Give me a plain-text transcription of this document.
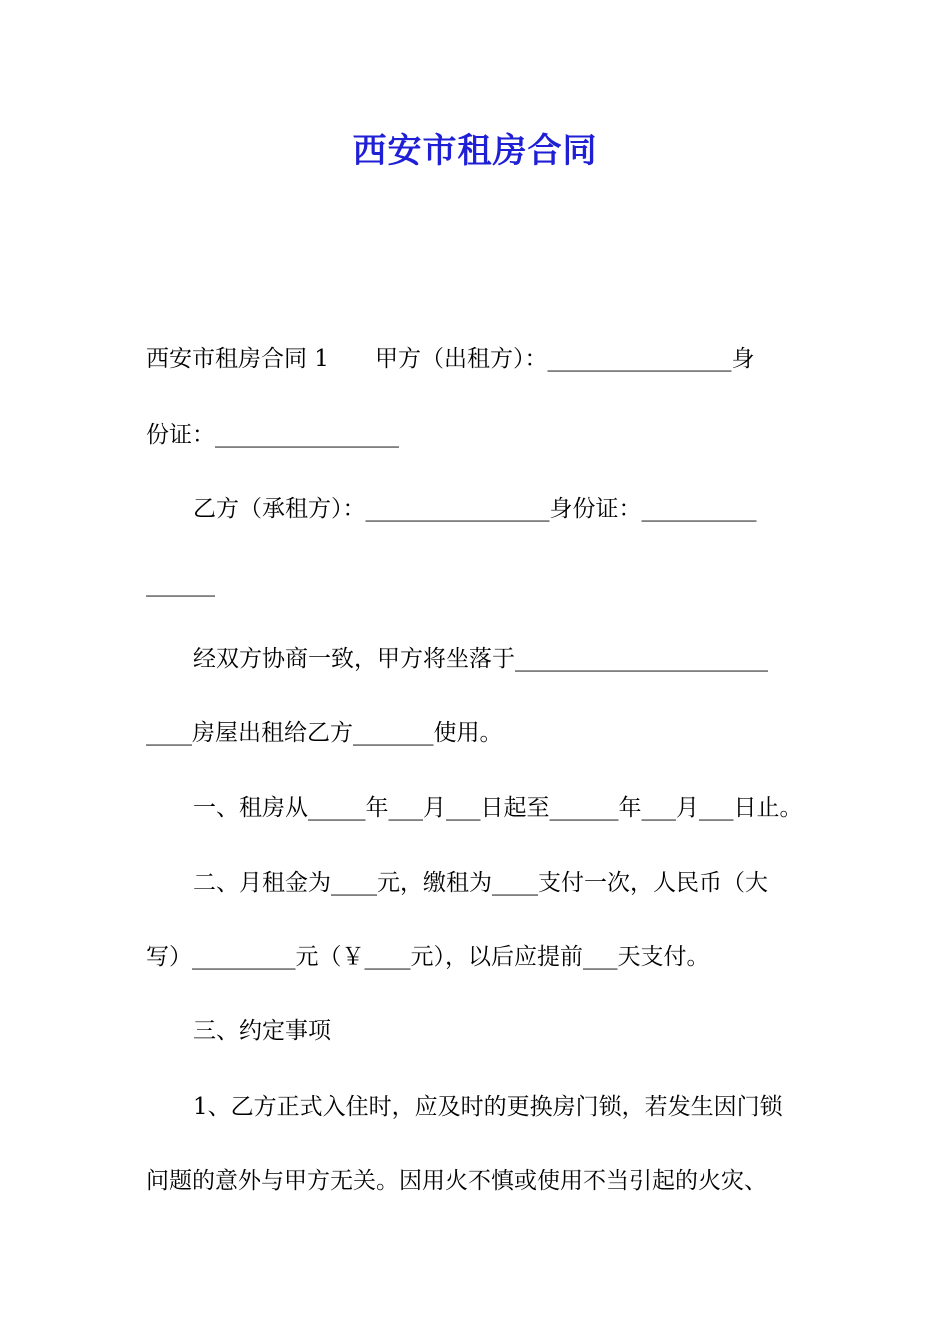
西安市租房合同
西安市租房合同 1　　甲方（出租方）：________________身
份证：________________
乙方（承租方）：________________身份证：__________
______
经双方协商一致，甲方将坐落于______________________
____房屋出租给乙方_______使用。
一、租房从_____年___月___日起至______年___月___日止。
二、月租金为____元，缴租为____支付一次，人民币（大
写）_________元（￥____元），以后应提前___天支付。
三、约定事项
1、乙方正式入住时，应及时的更换房门锁，若发生因门锁
问题的意外与甲方无关。因用火不慎或使用不当引起的火灾、
